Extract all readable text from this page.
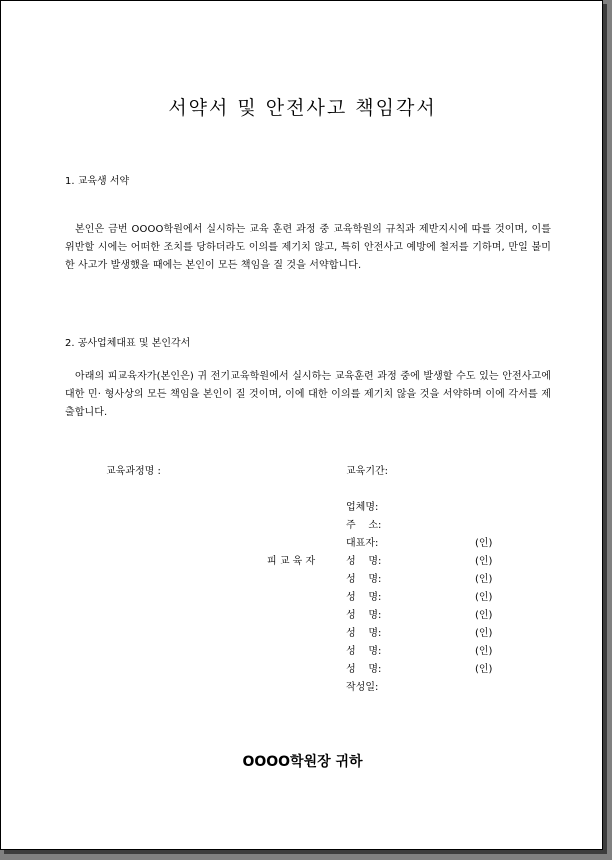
서약서 및 안전사고 책임각서
1. 교육생 서약
본인은 금번 OOOO학원에서 실시하는 교육 훈련 과정 중 교육학원의 규칙과 제반지시에 따를 것이며, 이를 위반할 시에는 어떠한 조치를 당하더라도 이의를 제기치 않고, 특히 안전사고 예방에 철저를 기하며, 만일 불미한 사고가 발생했을 때에는 본인이 모든 책임을 질 것을 서약합니다.
2. 공사업체대표 및 본인각서
아래의 피교육자가(본인은) 귀 전기교육학원에서 실시하는 교육훈련 과정 중에 발생할 수도 있는 안전사고에 대한 민· 형사상의 모든 책임을 본인이 질 것이며, 이에 대한 이의를 제기치 않을 것을 서약하며 이에 각서를 제출합니다.
교육과정명 :	교육기간:
업체명:
주    소:
대표자:	(인)
피 교 육 자	성    명:	(인)
성    명:	(인)
성    명:	(인)
성    명:	(인)
성    명:	(인)
성    명:	(인)
성    명:	(인)
작성일:
OOOO학원장 귀하
